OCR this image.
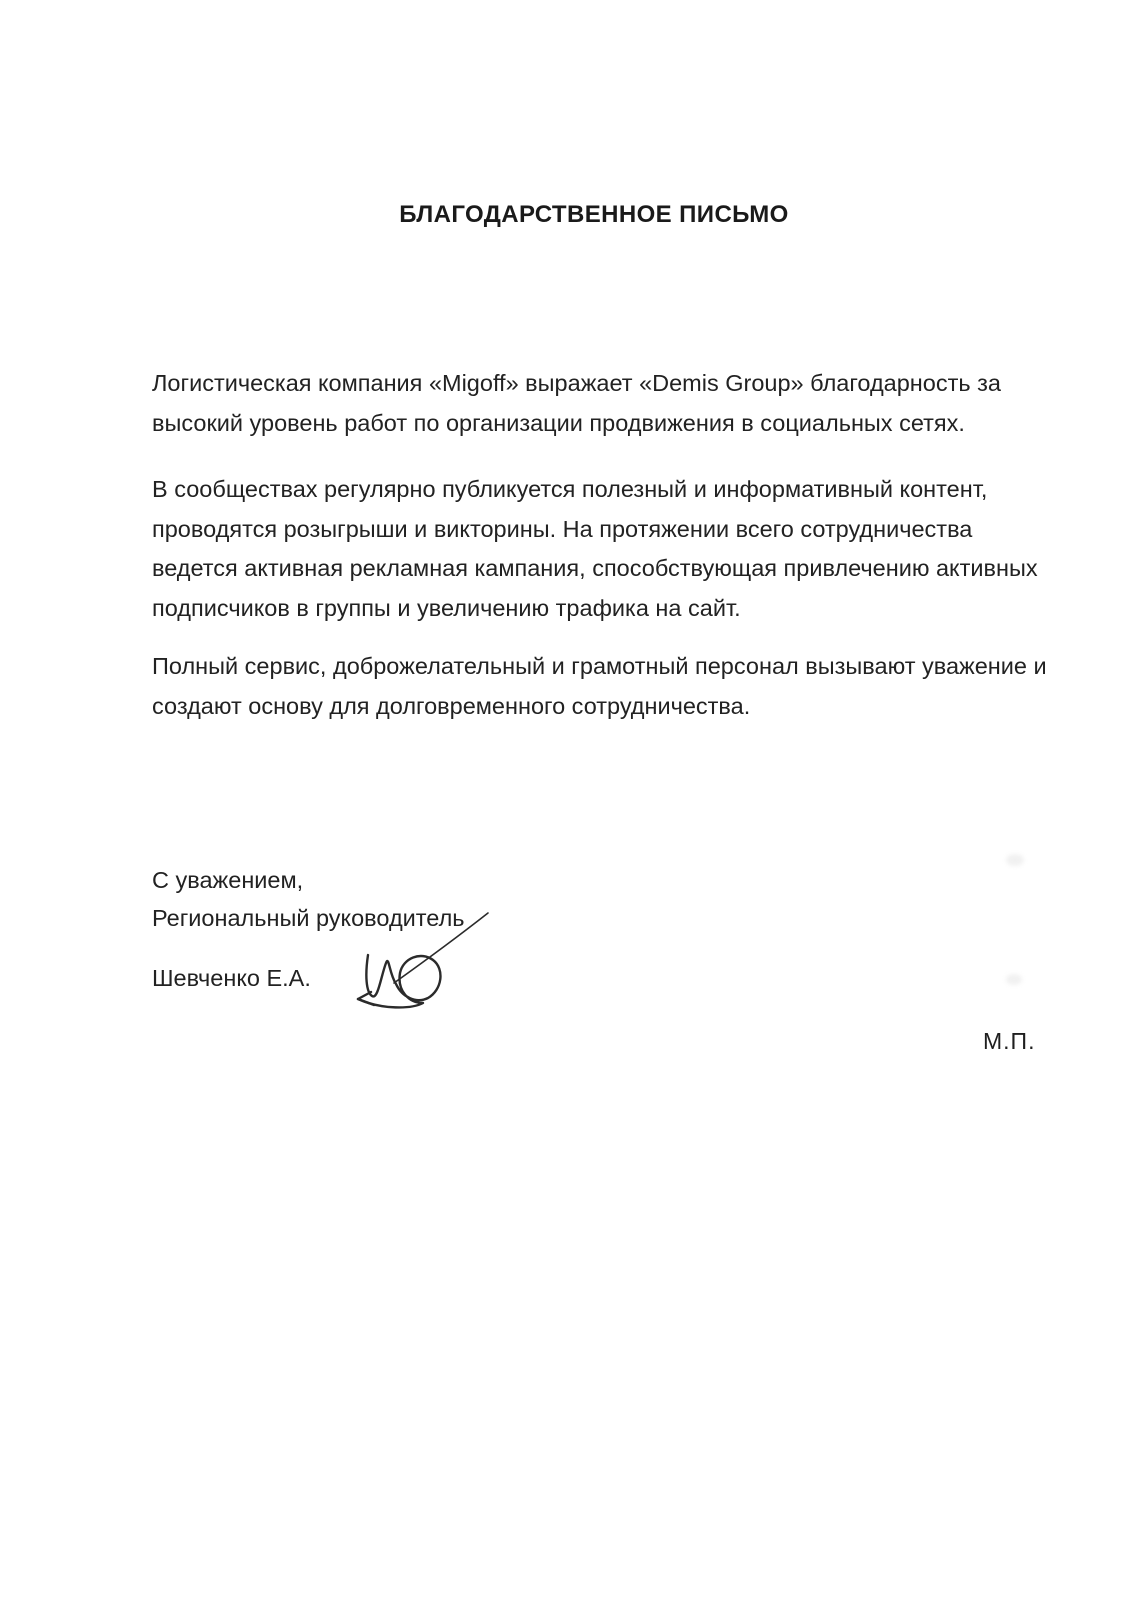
БЛАГОДАРСТВЕННОЕ ПИСЬМО
Логистическая компания «Migoff» выражает «Demis Group» благодарность за
высокий уровень работ по организации продвижения в социальных сетях.
В сообществах регулярно публикуется полезный и информативный контент,
проводятся розыгрыши и викторины. На протяжении всего сотрудничества
ведется активная рекламная кампания, способствующая привлечению активных
подписчиков в группы и увеличению трафика на сайт.
Полный сервис, доброжелательный и грамотный персонал вызывают уважение и
создают основу для долговременного сотрудничества.
С уважением,
Региональный руководитель
Шевченко Е.А.
М.П.
